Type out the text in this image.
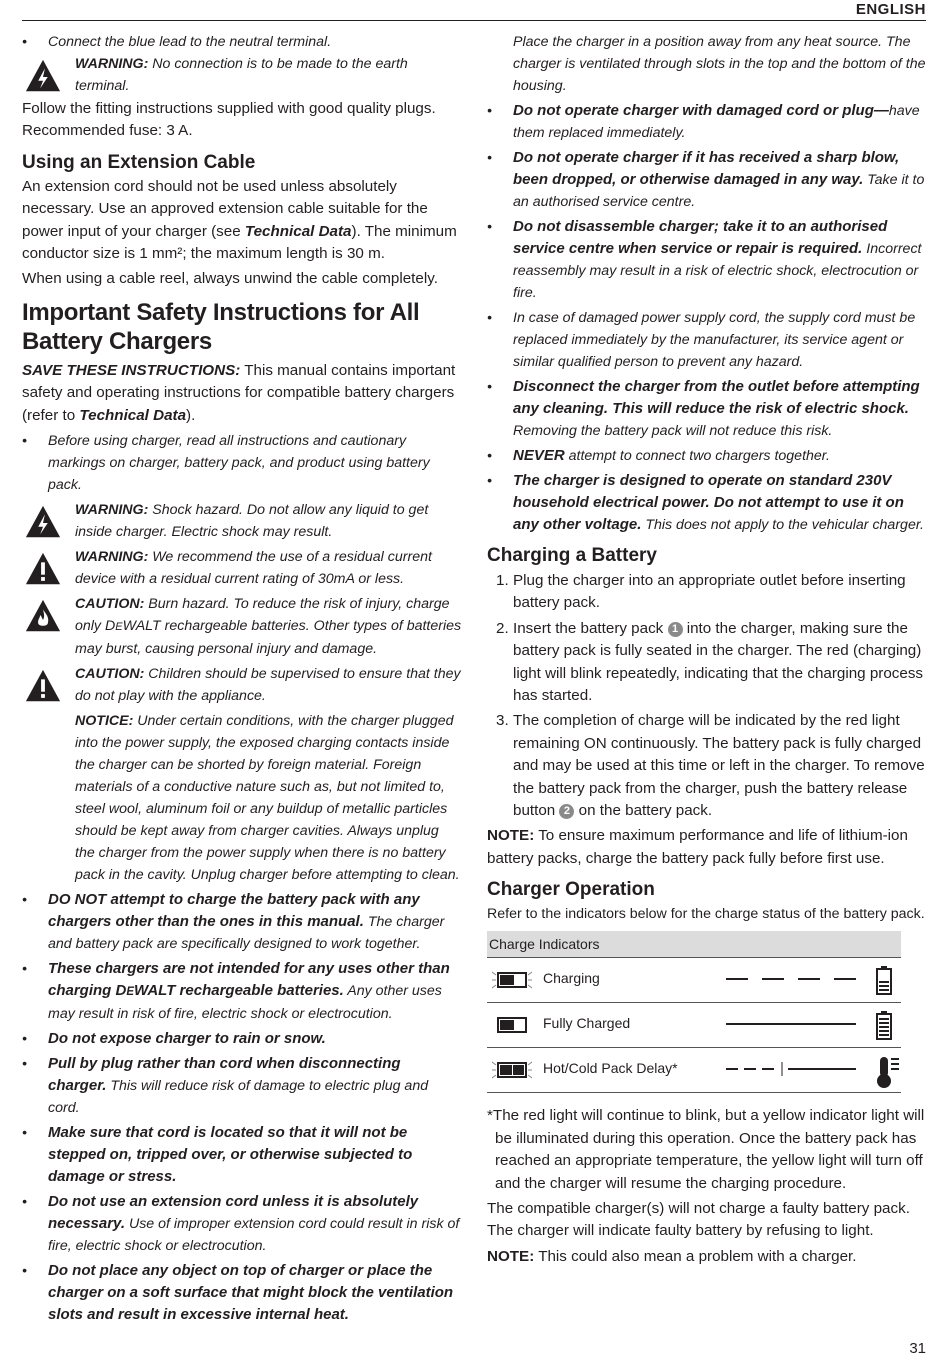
ENGLISH
• Connect the blue lead to the neutral terminal.
WARNING: No connection is to be made to the earth terminal.

Follow the fitting instructions supplied with good quality plugs. Recommended fuse: 3 A.

Using an Extension Cable

An extension cord should not be used unless absolutely necessary. Use an approved extension cable suitable for the power input of your charger (see Technical Data). The minimum conductor size is 1 mm²; the maximum length is 30 m.

When using a cable reel, always unwind the cable completely.

Important Safety Instructions for All Battery Chargers

SAVE THESE INSTRUCTIONS: This manual contains important safety and operating instructions for compatible battery chargers (refer to Technical Data).

• Before using charger, read all instructions and cautionary markings on charger, battery pack, and product using battery pack.
WARNING: Shock hazard. Do not allow any liquid to get inside charger. Electric shock may result.
WARNING: We recommend the use of a residual current device with a residual current rating of 30mA or less.
CAUTION: Burn hazard. To reduce the risk of injury, charge only DEWALT rechargeable batteries. Other types of batteries may burst, causing personal injury and damage.
CAUTION: Children should be supervised to ensure that they do not play with the appliance.
NOTICE: Under certain conditions, with the charger plugged into the power supply, the exposed charging contacts inside the charger can be shorted by foreign material. Foreign materials of a conductive nature such as, but not limited to, steel wool, aluminum foil or any buildup of metallic particles should be kept away from charger cavities. Always unplug the charger from the power supply when there is no battery pack in the cavity. Unplug charger before attempting to clean.
• DO NOT attempt to charge the battery pack with any chargers other than the ones in this manual. The charger and battery pack are specifically designed to work together.
• These chargers are not intended for any uses other than charging DEWALT rechargeable batteries. Any other uses may result in risk of fire, electric shock or electrocution.
• Do not expose charger to rain or snow.
• Pull by plug rather than cord when disconnecting charger. This will reduce risk of damage to electric plug and cord.
• Make sure that cord is located so that it will not be stepped on, tripped over, or otherwise subjected to damage or stress.
• Do not use an extension cord unless it is absolutely necessary. Use of improper extension cord could result in risk of fire, electric shock or electrocution.
• Do not place any object on top of charger or place the charger on a soft surface that might block the ventilation slots and result in excessive internal heat.

Place the charger in a position away from any heat source. The charger is ventilated through slots in the top and the bottom of the housing.

• Do not operate charger with damaged cord or plug—have them replaced immediately.
• Do not operate charger if it has received a sharp blow, been dropped, or otherwise damaged in any way. Take it to an authorised service centre.
• Do not disassemble charger; take it to an authorised service centre when service or repair is required. Incorrect reassembly may result in a risk of electric shock, electrocution or fire.
• In case of damaged power supply cord, the supply cord must be replaced immediately by the manufacturer, its service agent or similar qualified person to prevent any hazard.
• Disconnect the charger from the outlet before attempting any cleaning. This will reduce the risk of electric shock. Removing the battery pack will not reduce this risk.
• NEVER attempt to connect two chargers together.
• The charger is designed to operate on standard 230V household electrical power. Do not attempt to use it on any other voltage. This does not apply to the vehicular charger.
Charging a Battery
1. Plug the charger into an appropriate outlet before inserting battery pack.
2. Insert the battery pack 1 into the charger, making sure the battery pack is fully seated in the charger. The red (charging) light will blink repeatedly, indicating that the charging process has started.
3. The completion of charge will be indicated by the red light remaining ON continuously. The battery pack is fully charged and may be used at this time or left in the charger. To remove the battery pack from the charger, push the battery release button 2 on the battery pack.

NOTE: To ensure maximum performance and life of lithium-ion battery packs, charge the battery pack fully before first use.

Charger Operation

Refer to the indicators below for the charge status of the battery pack.

Charge Indicators
Charging
Fully Charged
Hot/Cold Pack Delay*

*The red light will continue to blink, but a yellow indicator light will be illuminated during this operation. Once the battery pack has reached an appropriate temperature, the yellow light will turn off and the charger will resume the charging procedure.

The compatible charger(s) will not charge a faulty battery pack. The charger will indicate faulty battery by refusing to light.

NOTE: This could also mean a problem with a charger.

31
